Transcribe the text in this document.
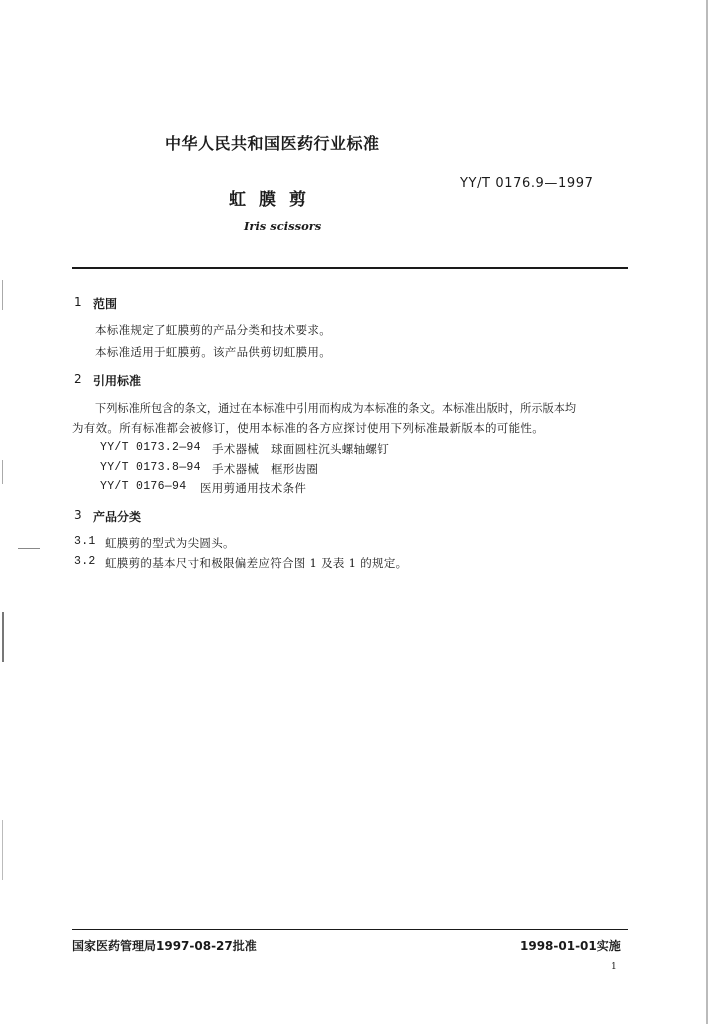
中华人民共和国医药行业标准
虹膜剪
YY/T 0176.9—1997
Iris scissors
1 范围
本标准规定了虹膜剪的产品分类和技术要求。
本标准适用于虹膜剪。该产品供剪切虹膜用。
2 引用标准
下列标准所包含的条文，通过在本标准中引用而构成为本标准的条文。本标准出版时，所示版本均
为有效。所有标准都会被修订，使用本标准的各方应探讨使用下列标准最新版本的可能性。
YY/T 0173.2—94 手术器械　球面圆柱沉头螺轴螺钉
YY/T 0173.8—94 手术器械　框形齿圈
YY/T 0176—94 医用剪通用技术条件
3 产品分类
3.1 虹膜剪的型式为尖圆头。
3.2 虹膜剪的基本尺寸和极限偏差应符合图 1 及表 1 的规定。
国家医药管理局1997-08-27批准	1998-01-01实施
1
